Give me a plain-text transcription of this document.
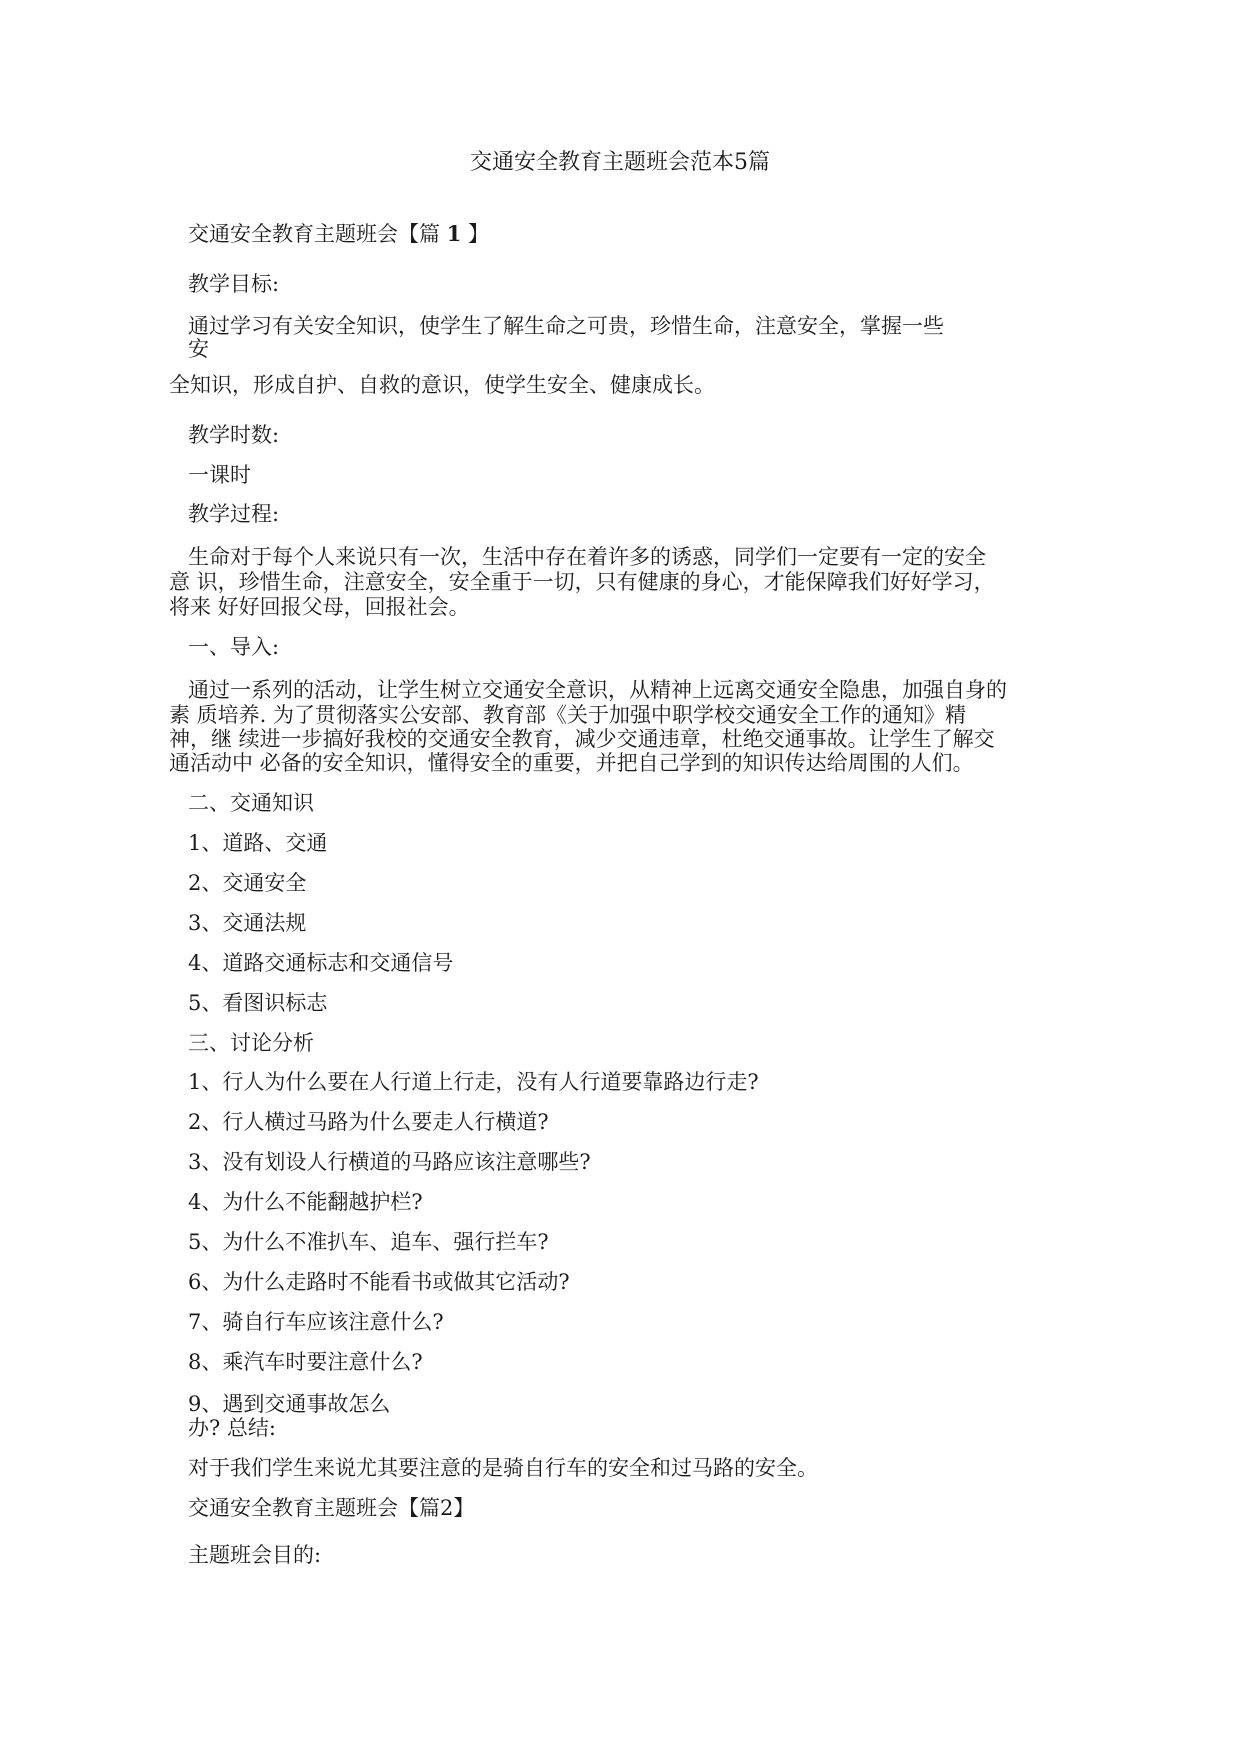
交通安全教育主题班会范本5篇
交通安全教育主题班会【篇 1 】
教学目标:
通过学习有关安全知识，使学生了解生命之可贵， 珍惜生命， 注意安全， 掌握一些
安
全知识，形成自护、自救的意识，使学生安全、健康成长。
教学时数:
一课时
教学过程:
生命对于每个人来说只有一次，生活中存在着许多的诱惑，同学们一定要有一定的安全
意 识，珍惜生命，注意安全，安全重于一切，只有健康的身心，才能保障我们好好学习，
将来 好好回报父母，回报社会。
一、导入:
通过一系列的活动，让学生树立交通安全意识，从精神上远离交通安全隐患，加强自身的
素 质培养. 为了贯彻落实公安部、教育部《关于加强中职学校交通安全工作的通知》精
神，继 续进一步搞好我校的交通安全教育，减少交通违章，杜绝交通事故。让学生了解交
通活动中 必备的安全知识，懂得安全的重要，并把自己学到的知识传达给周围的人们。
二、交通知识
1、道路、交通
2、交通安全
3、交通法规
4、道路交通标志和交通信号
5、看图识标志
三、讨论分析
1、行人为什么要在人行道上行走，没有人行道要靠路边行走?
2、行人横过马路为什么要走人行横道?
3、没有划设人行横道的马路应该注意哪些?
4、为什么不能翻越护栏?
5、为什么不准扒车、追车、强行拦车?
6、为什么走路时不能看书或做其它活动?
7、骑自行车应该注意什么?
8、乘汽车时要注意什么?
9、遇到交通事故怎么
办? 总结:
对于我们学生来说尤其要注意的是骑自行车的安全和过马路的安全。
交通安全教育主题班会【篇2】
主题班会目的:
